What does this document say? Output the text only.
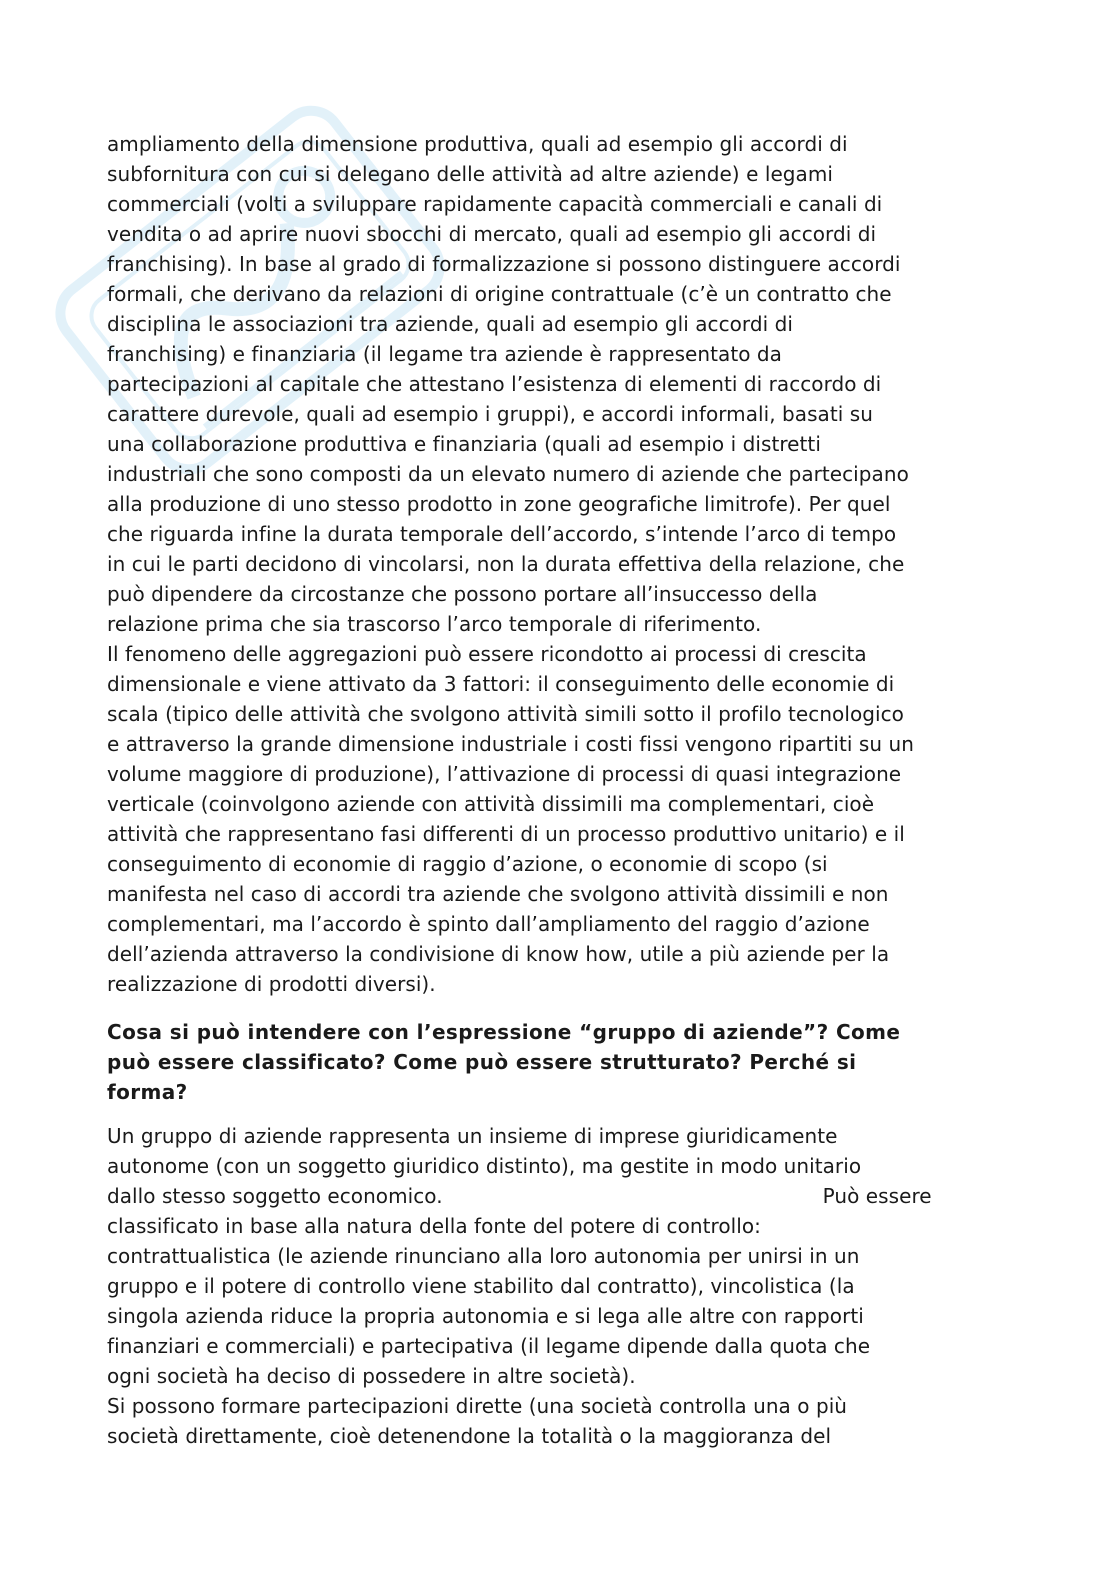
ampliamento della dimensione produttiva, quali ad esempio gli accordi di
subfornitura con cui si delegano delle attività ad altre aziende) e legami
commerciali (volti a sviluppare rapidamente capacità commerciali e canali di
vendita o ad aprire nuovi sbocchi di mercato, quali ad esempio gli accordi di
franchising). In base al grado di formalizzazione si possono distinguere accordi
formali, che derivano da relazioni di origine contrattuale (c’è un contratto che
disciplina le associazioni tra aziende, quali ad esempio gli accordi di
franchising) e finanziaria (il legame tra aziende è rappresentato da
partecipazioni al capitale che attestano l’esistenza di elementi di raccordo di
carattere durevole, quali ad esempio i gruppi), e accordi informali, basati su
una collaborazione produttiva e finanziaria (quali ad esempio i distretti
industriali che sono composti da un elevato numero di aziende che partecipano
alla produzione di uno stesso prodotto in zone geografiche limitrofe). Per quel
che riguarda infine la durata temporale dell’accordo, s’intende l’arco di tempo
in cui le parti decidono di vincolarsi, non la durata effettiva della relazione, che
può dipendere da circostanze che possono portare all’insuccesso della
relazione prima che sia trascorso l’arco temporale di riferimento.
Il fenomeno delle aggregazioni può essere ricondotto ai processi di crescita
dimensionale e viene attivato da 3 fattori: il conseguimento delle economie di
scala (tipico delle attività che svolgono attività simili sotto il profilo tecnologico
e attraverso la grande dimensione industriale i costi fissi vengono ripartiti su un
volume maggiore di produzione), l’attivazione di processi di quasi integrazione
verticale (coinvolgono aziende con attività dissimili ma complementari, cioè
attività che rappresentano fasi differenti di un processo produttivo unitario) e il
conseguimento di economie di raggio d’azione, o economie di scopo (si
manifesta nel caso di accordi tra aziende che svolgono attività dissimili e non
complementari, ma l’accordo è spinto dall’ampliamento del raggio d’azione
dell’azienda attraverso la condivisione di know how, utile a più aziende per la
realizzazione di prodotti diversi).
Cosa si può intendere con l’espressione “gruppo di aziende”? Come
può essere classificato? Come può essere strutturato? Perché si
forma?
Un gruppo di aziende rappresenta un insieme di imprese giuridicamente
autonome (con un soggetto giuridico distinto), ma gestite in modo unitario
dallo stesso soggetto economico.	Può essere
classificato in base alla natura della fonte del potere di controllo:
contrattualistica (le aziende rinunciano alla loro autonomia per unirsi in un
gruppo e il potere di controllo viene stabilito dal contratto), vincolistica (la
singola azienda riduce la propria autonomia e si lega alle altre con rapporti
finanziari e commerciali) e partecipativa (il legame dipende dalla quota che
ogni società ha deciso di possedere in altre società).
Si possono formare partecipazioni dirette (una società controlla una o più
società direttamente, cioè detenendone la totalità o la maggioranza del
